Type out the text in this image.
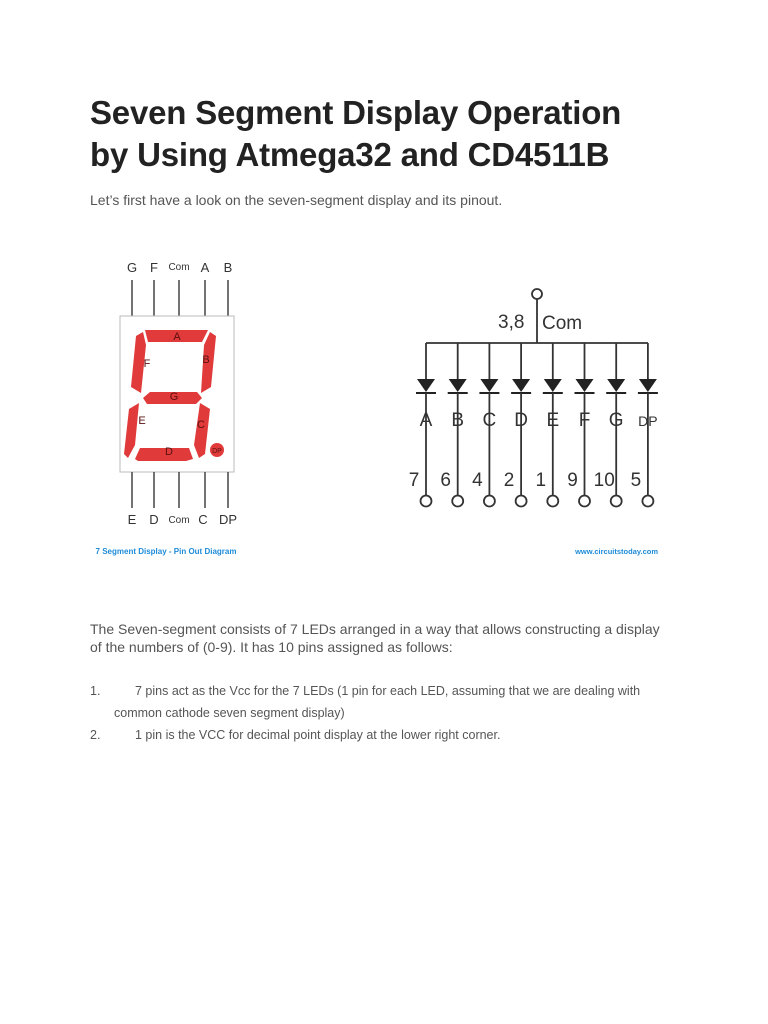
Seven Segment Display Operation
by Using Atmega32 and CD4511B

Let’s first have a look on the seven-segment display and its pinout.

G F Com A B
A
B
C
D
E
F
G
DP
E D Com C DP
7 Segment Display - Pin Out Diagram
3,8 Com
A
7
B
6
C
4
D
2
E
1
F
9
G
10
DP
5
www.circuitstoday.com

The Seven-segment consists of 7 LEDs arranged in a way that allows constructing a display of the numbers of (0-9). It has 10 pins assigned as follows:

1.	7 pins act as the Vcc for the 7 LEDs (1 pin for each LED, assuming that we are dealing with common cathode seven segment display)
2.	1 pin is the VCC for decimal point display at the lower right corner.
